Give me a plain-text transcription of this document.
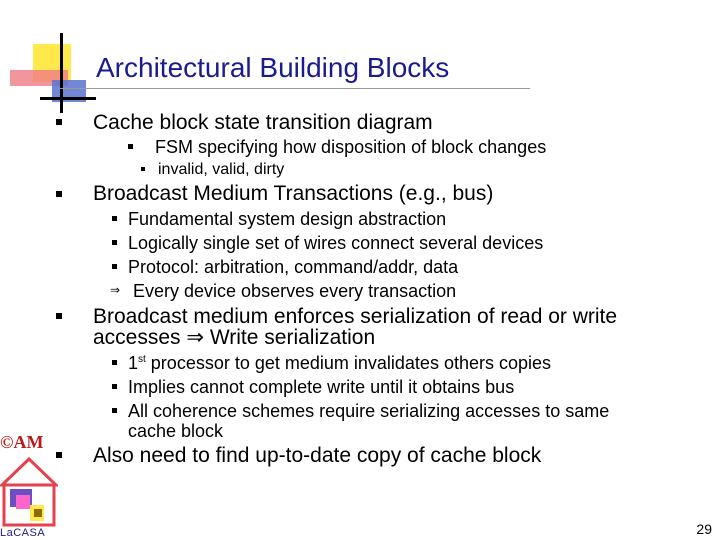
Architectural Building Blocks
Cache block state transition diagram
FSM specifying how disposition of block changes
invalid, valid, dirty
Broadcast Medium Transactions (e.g., bus)
Fundamental system design abstraction
Logically single set of wires connect several devices
Protocol: arbitration, command/addr, data
⇒ Every device observes every transaction
Broadcast medium enforces serialization of read or write
accesses ⇒ Write serialization
1st processor to get medium invalidates others copies
Implies cannot complete write until it obtains bus
All coherence schemes require serializing accesses to same
cache block
Also need to find up-to-date copy of cache block
©AM
LaCASA	29
